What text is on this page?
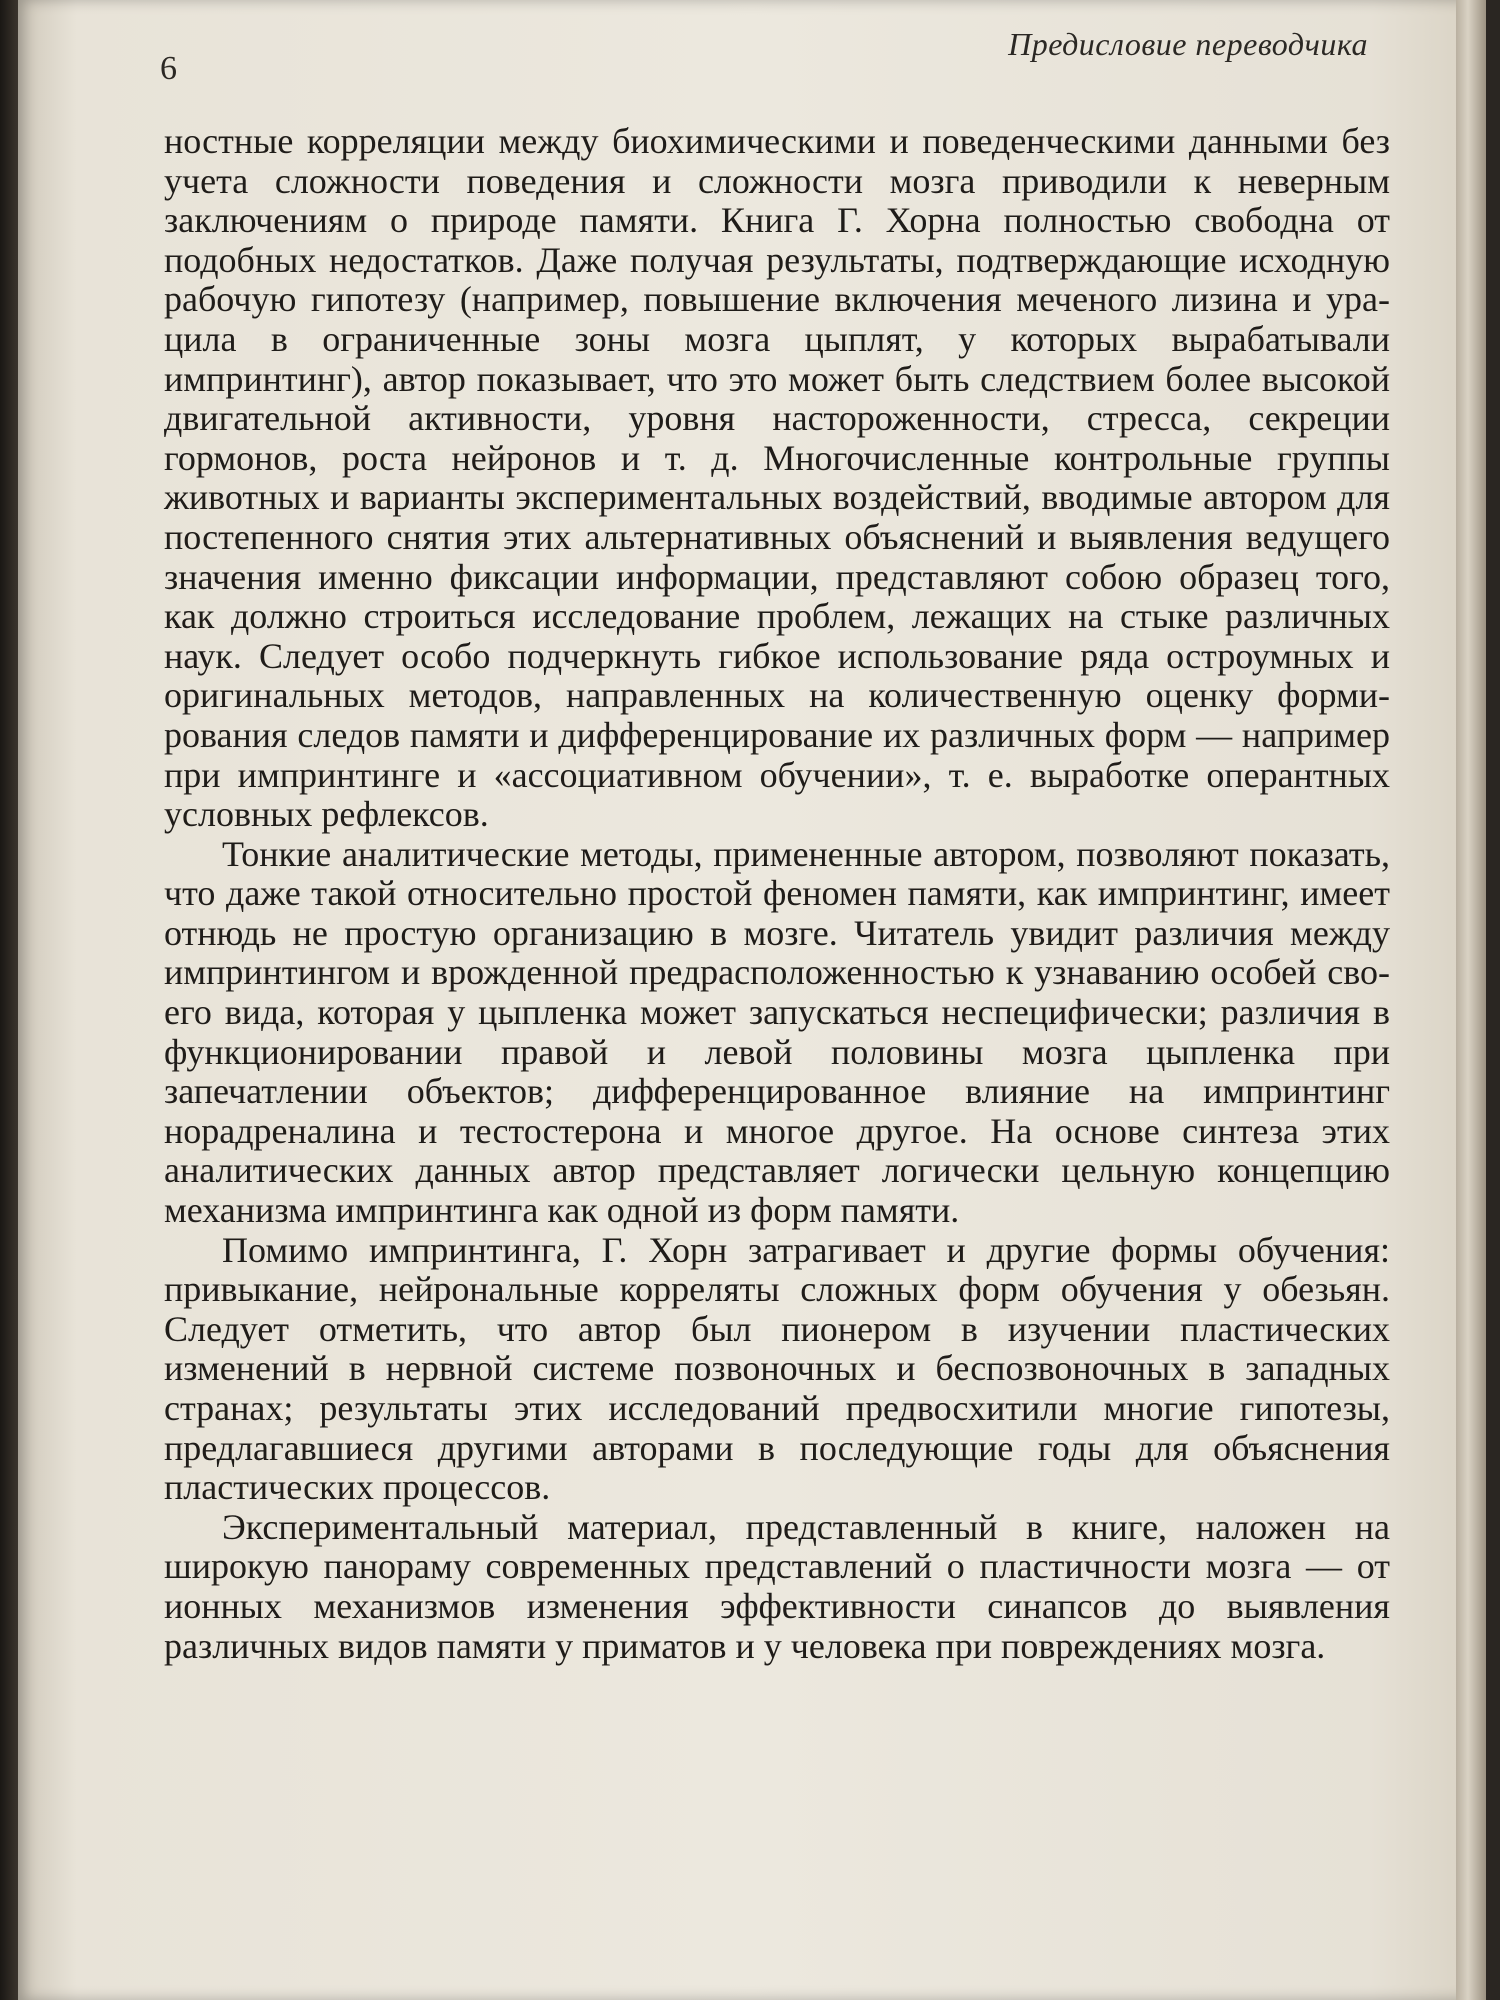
6
Предисловие переводчика

ностные корреляции между биохимическими и поведенческими данными без учета сложности поведения и сложности мозга приводили к неверным заключениям о природе памяти. Книга Г. Хорна полностью свободна от подобных недостатков. Даже получая результаты, подтверждающие исходную рабочую гипотезу (например, повышение включения меченого лизина и урацила в ограниченные зоны мозга цыплят, у которых вырабатывали импринтинг), автор показывает, что это может быть следствием более высокой двигательной активности, уровня настороженности, стресса, секреции гормонов, роста нейронов и т. д. Многочисленные контрольные группы животных и варианты экспериментальных воздействий, вводимые автором для постепенного снятия этих альтернативных объяснений и выявления ведущего значения именно фиксации информации, представляют собою образец того, как должно строиться исследование проблем, лежащих на стыке различных наук. Следует особо подчеркнуть гибкое использование ряда остроумных и оригинальных методов, направленных на количественную оценку формирования следов памяти и дифференцирование их различных форм — например при импринтинге и «ассоциативном обучении», т. е. выработке оперантных условных рефлексов.

Тонкие аналитические методы, примененные автором, позволяют показать, что даже такой относительно простой феномен памяти, как импринтинг, имеет отнюдь не простую организацию в мозге. Читатель увидит различия между импринтингом и врожденной предрасположенностью к узнаванию особей своего вида, которая у цыпленка может запускаться неспецифически; различия в функционировании правой и левой половины мозга цыпленка при запечатлении объектов; дифференцированное влияние на импринтинг норадреналина и тестостерона и многое другое. На основе синтеза этих аналитических данных автор представляет логически цельную концепцию механизма импринтинга как одной из форм памяти.

Помимо импринтинга, Г. Хорн затрагивает и другие формы обучения: привыкание, нейрональные корреляты сложных форм обучения у обезьян. Следует отметить, что автор был пионером в изучении пластических изменений в нервной системе позвоночных и беспозвоночных в западных странах; результаты этих исследований предвосхитили многие гипотезы, предлагавшиеся другими авторами в последующие годы для объяснения пластических процессов.

Экспериментальный материал, представленный в книге, наложен на широкую панораму современных представлений о пластичности мозга — от ионных механизмов изменения эффективности синапсов до выявления различных видов памяти у приматов и у человека при повреждениях мозга.
